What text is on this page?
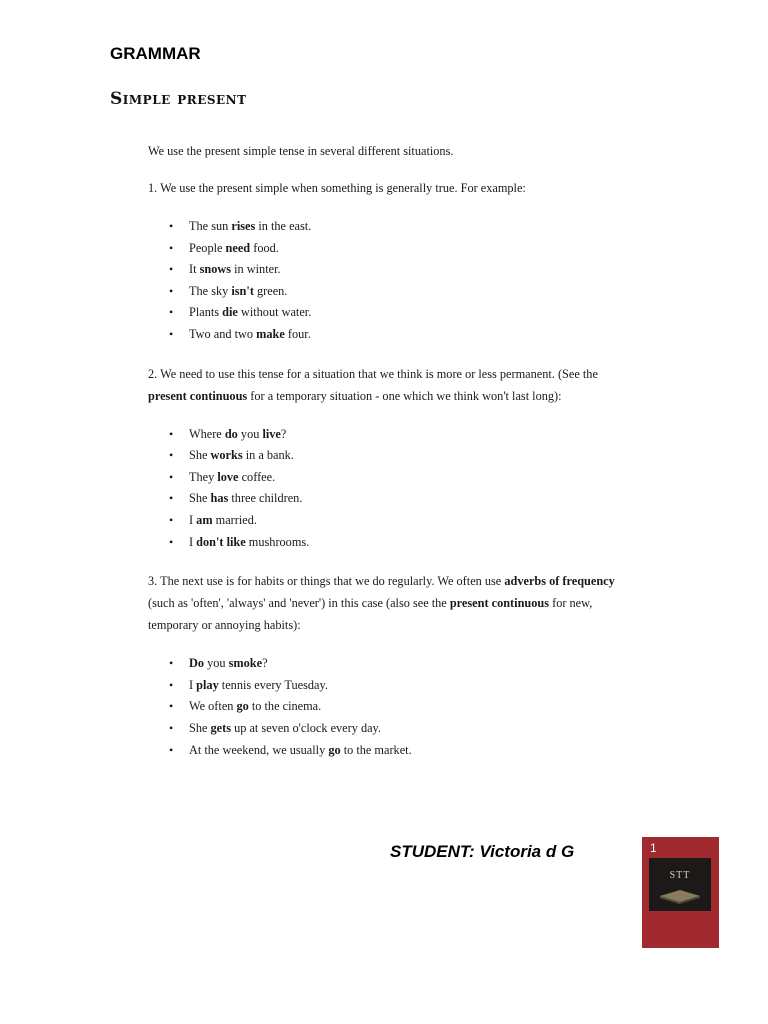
GRAMMAR
Simple present

We use the present simple tense in several different situations.

1. We use the present simple when something is generally true. For example:

• The sun rises in the east.
• People need food.
• It snows in winter.
• The sky isn't green.
• Plants die without water.
• Two and two make four.

2. We need to use this tense for a situation that we think is more or less permanent. (See the present continuous for a temporary situation - one which we think won't last long):

• Where do you live?
• She works in a bank.
• They love coffee.
• She has three children.
• I am married.
• I don't like mushrooms.

3. The next use is for habits or things that we do regularly. We often use adverbs of frequency (such as 'often', 'always' and 'never') in this case (also see the present continuous for new, temporary or annoying habits):

• Do you smoke?
• I play tennis every Tuesday.
• We often go to the cinema.
• She gets up at seven o'clock every day.
• At the weekend, we usually go to the market.
STUDENT: Victoria d G	1
STT
